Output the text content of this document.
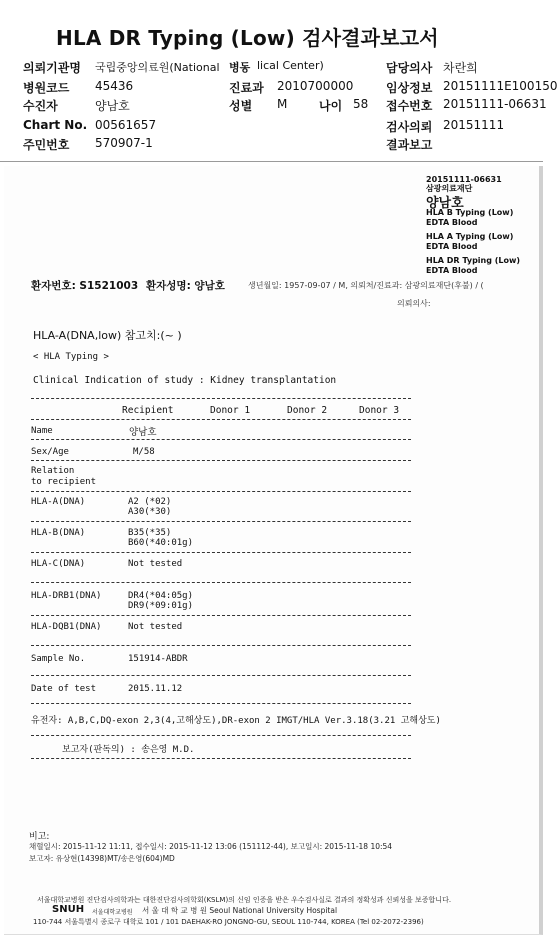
HLA DR Typing (Low) 검사결과보고서
의뢰기관명 국립중앙의료원(National 병동 lical Center)	담당의사 차란희
병원코드 45436	진료과 2010700000	임상정보 20151111E100150
수진자	양남호	성별 M	나이 58 접수번호 20151111-06631
Chart No. 00561657	검사의뢰 20151111
주민번호 570907-1	결과보고
20151111-06631
삼광의료재단
양남호
HLA B Typing (Low)
EDTA Blood
HLA A Typing (Low)
EDTA Blood
HLA DR Typing (Low)
EDTA Blood
환자번호: S1521003 환자성명: 양남호	생년월일: 1957-09-07 / M, 의뢰처/진료과: 삼광의료재단(후불) / (
의뢰의사:
HLA-A(DNA,low) 참고치:(~ )
< HLA Typing >
Clinical Indication of study : Kidney transplantation
Recipient	Donor 1	Donor 2	Donor 3
Name	양남호
Sex/Age	M/58
Relation
to recipient
HLA-A(DNA)	A2 (*02)
A30(*30)
HLA-B(DNA)	B35(*35)
B60(*40:01g)
HLA-C(DNA)	Not tested
HLA-DRB1(DNA)	DR4(*04:05g)
DR9(*09:01g)
HLA-DQB1(DNA)	Not tested
Sample No.	151914-ABDR
Date of test	2015.11.12
유전자: A,B,C,DQ-exon 2,3(4,고해상도),DR-exon 2 IMGT/HLA Ver.3.18(3.21 고해상도)
보고자(판독의) : 송은영 M.D.
비고:
채혈일시: 2015-11-12 11:11, 접수일시: 2015-11-12 13:06 (151112-44), 보고일시: 2015-11-18 10:54
보고자: 유상현(14398)MT/송은영(604)MD
서울대학교병원 진단검사의학과는 대한진단검사의학회(KSLM)의 신임 인증을 받은 우수검사실로 결과의 정확성과 신뢰성을 보증합니다.
SNUH 서울대학교병원 서 울 대 학 교 병 원 Seoul National University Hospital
110-744 서울특별시 종로구 대학로 101 / 101 DAEHAK-RO JONGNO-GU, SEOUL 110-744, KOREA (Tel 02-2072-2396)
